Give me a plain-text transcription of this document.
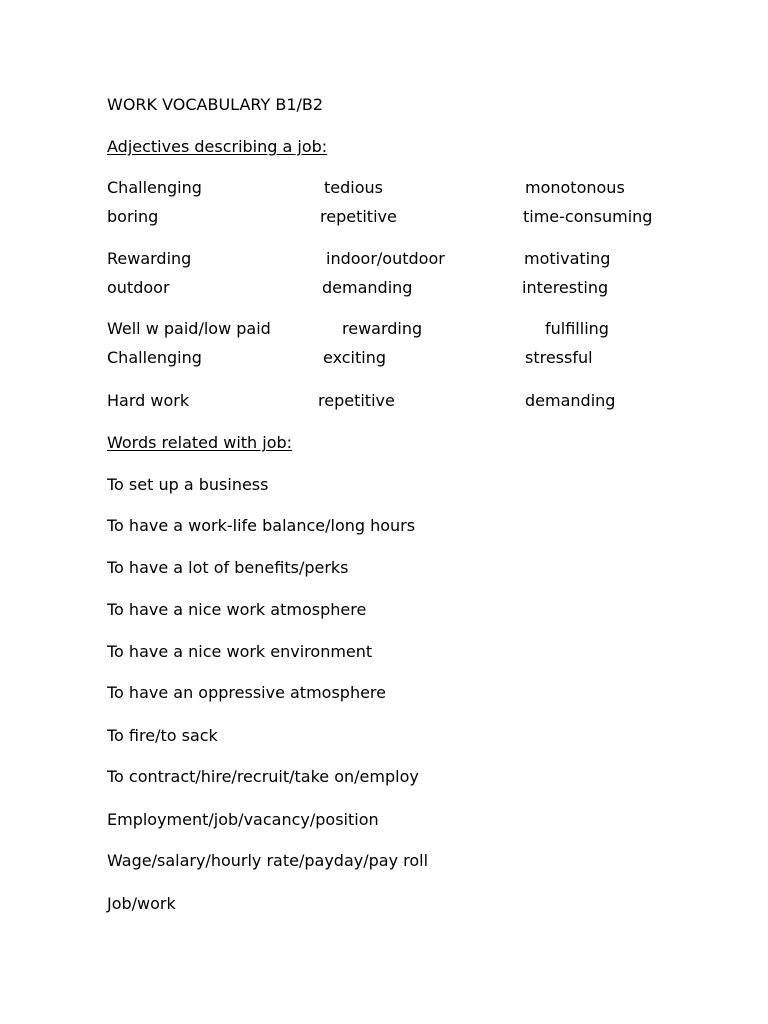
WORK VOCABULARY B1/B2
Adjectives describing a job:
Challenging	tedious	monotonous
boring	repetitive	time-consuming
Rewarding	indoor/outdoor	motivating
outdoor	demanding	interesting
Well w paid/low paid	rewarding	fulfilling
Challenging	exciting	stressful
Hard work	repetitive	demanding
Words related with job:
To set up a business
To have a work-life balance/long hours
To have a lot of benefits/perks
To have a nice work atmosphere
To have a nice work environment
To have an oppressive atmosphere
To fire/to sack
To contract/hire/recruit/take on/employ
Employment/job/vacancy/position
Wage/salary/hourly rate/payday/pay roll
Job/work
